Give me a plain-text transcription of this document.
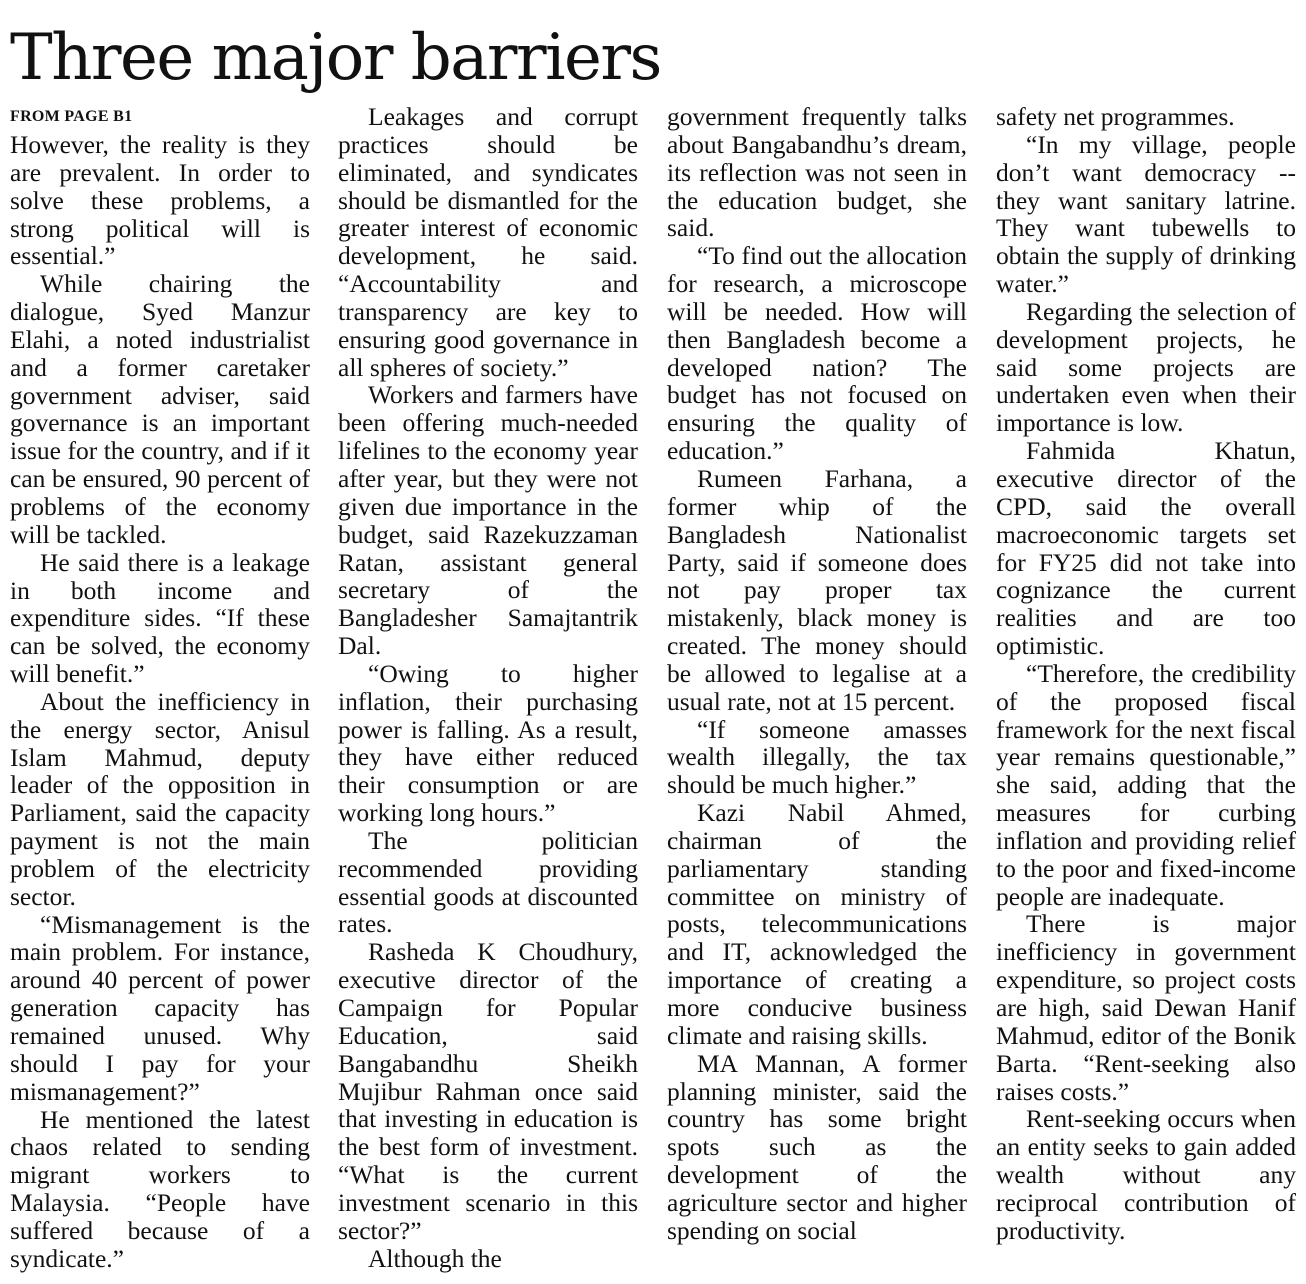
Three major barriers
FROM PAGE B1

However, the reality is they are prevalent. In order to solve these problems, a strong political will is essential.”

While chairing the dialogue, Syed Manzur Elahi, a noted industrialist and a former caretaker government adviser, said governance is an important issue for the country, and if it can be ensured, 90 percent of problems of the economy will be tackled.

He said there is a leakage in both income and expenditure sides. “If these can be solved, the economy will benefit.”

About the inefficiency in the energy sector, Anisul Islam Mahmud, deputy leader of the opposition in Parliament, said the capacity payment is not the main problem of the electricity sector.

“Mismanagement is the main problem. For instance, around 40 percent of power generation capacity has remained unused. Why should I pay for your mismanagement?”

He mentioned the latest chaos related to sending migrant workers to Malaysia. “People have suffered because of a syndicate.”

Leakages and corrupt practices should be eliminated, and syndicates should be dismantled for the greater interest of economic development, he said. “Accountability and transparency are key to ensuring good governance in all spheres of society.”

Workers and farmers have been offering much-needed lifelines to the economy year after year, but they were not given due importance in the budget, said Razekuzzaman Ratan, assistant general secretary of the Bangladesher Samajtantrik Dal.

“Owing to higher inflation, their purchasing power is falling. As a result, they have either reduced their consumption or are working long hours.”

The politician recommended providing essential goods at discounted rates.

Rasheda K Choudhury, executive director of the Campaign for Popular Education, said Bangabandhu Sheikh Mujibur Rahman once said that investing in education is the best form of investment. “What is the current investment scenario in this sector?”

Although the

government frequently talks about Bangabandhu’s dream, its reflection was not seen in the education budget, she said.

“To find out the allocation for research, a microscope will be needed. How will then Bangladesh become a developed nation? The budget has not focused on ensuring the quality of education.”

Rumeen Farhana, a former whip of the Bangladesh Nationalist Party, said if someone does not pay proper tax mistakenly, black money is created. The money should be allowed to legalise at a usual rate, not at 15 percent.

“If someone amasses wealth illegally, the tax should be much higher.”

Kazi Nabil Ahmed, chairman of the parliamentary standing committee on ministry of posts, telecommunications and IT, acknowledged the importance of creating a more conducive business climate and raising skills.

MA Mannan, A former planning minister, said the country has some bright spots such as the development of the agriculture sector and higher spending on social

safety net programmes.

“In my village, people don’t want democracy -- they want sanitary latrine. They want tubewells to obtain the supply of drinking water.”

Regarding the selection of development projects, he said some projects are undertaken even when their importance is low.

Fahmida Khatun, executive director of the CPD, said the overall macroeconomic targets set for FY25 did not take into cognizance the current realities and are too optimistic.

“Therefore, the credibility of the proposed fiscal framework for the next fiscal year remains questionable,” she said, adding that the measures for curbing inflation and providing relief to the poor and fixed-income people are inadequate.

There is major inefficiency in government expenditure, so project costs are high, said Dewan Hanif Mahmud, editor of the Bonik Barta. “Rent-seeking also raises costs.”

Rent-seeking occurs when an entity seeks to gain added wealth without any reciprocal contribution of productivity.
